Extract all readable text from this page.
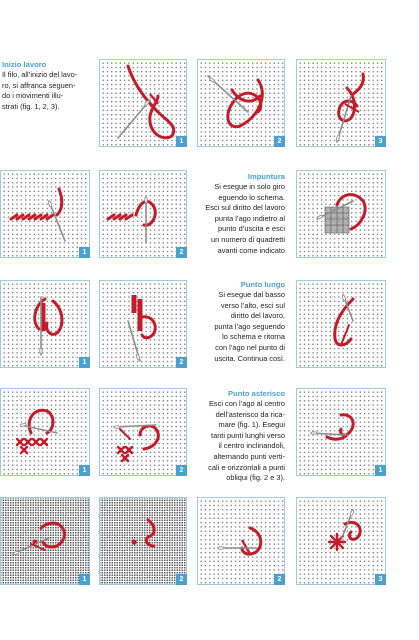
Inizio lavoro
Il filo, all’inizio del lavo-
ro, si affranca seguen-
do i movimenti illu-
strati (fig. 1, 2, 3).
1	2	3
1	2
Impuntura
Si esegue in solo giro
eguendo lo schema.
Esci sul diritto del lavoro
punta l’ago indietro al
punto d’uscita e esci
un numero di quadretti
avanti come indicato
1	2
Punto lungo
Si esegue dal basso
verso l’alto, esci sul
diritto del lavoro,
punta l’ago seguendo
lo schema e ritorna
con l’ago nel punto di
uscita. Continua così.
1	2
Punto asterisco
Esci con l’ago al centro
dell’asterisco da rica-
mare (fig. 1). Esegui
tanti punti lunghi verso
il centro inclinandoli,
alternando punti verti-
cali e orizzontali a punti
obliqui (fig. 2 e 3).
1
1	2	2	3
